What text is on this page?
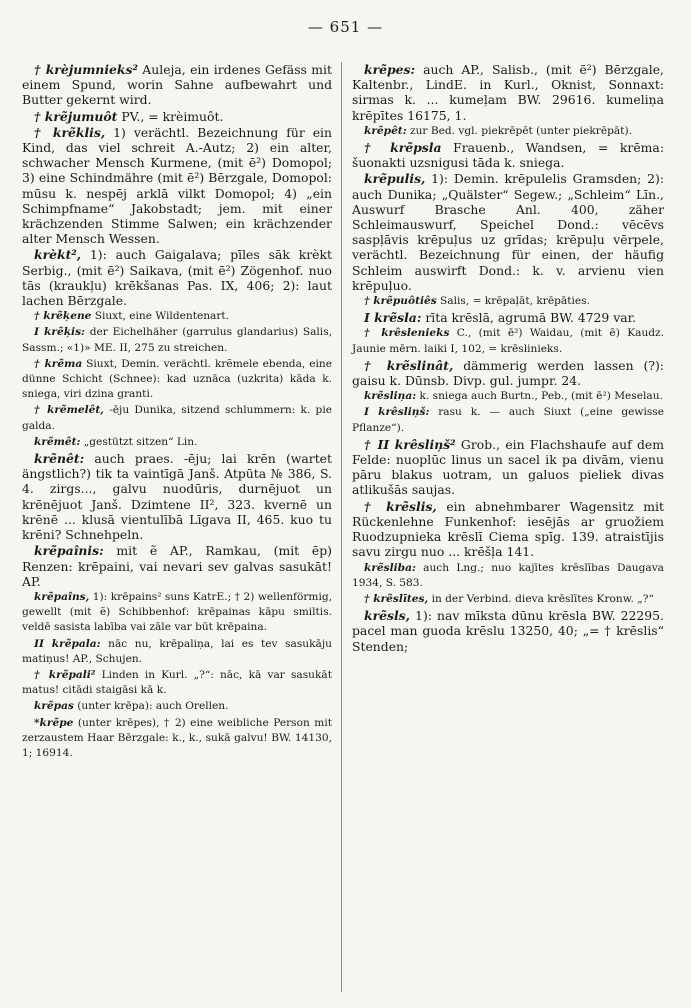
— 651 —

† krèjumnieks² Auleja, ein irdenes Gefäss mit einem Spund, worin Sahne aufbewahrt und Butter gekernt wird.

† krẽjumuôt PV., = krèimuôt.

† krẽklis, 1) verächtl. Bezeichnung für ein Kind, das viel schreit A.-Autz; 2) ein alter, schwacher Mensch Kurmene, (mit ē²) Domopol; 3) eine Schindmähre (mit ē²) Bērzgale, Domopol: mūsu k. nespēj arklā vilkt Domopol; 4) „ein Schimpfname“ Jakobstadt; jem. mit einer krächzenden Stimme Salwen; ein krächzender alter Mensch Wessen.

krèkt², 1): auch Gaigalava; pīles sāk krèkt Serbig., (mit ē²) Saikava, (mit ē²) Zögenhof. nuo tās (kraukļu) krēkšanas Pas. IX, 406; 2): laut lachen Bērzgale.

† krẽķene Siuxt, eine Wildentenart.

I krẽķis: der Eichelhäher (garrulus glandarius) Salis, Sassm.; «1)» ME. II, 275 zu streichen.

† krẽma Siuxt, Demin. verächtl. krẽmele ebenda, eine dünne Schicht (Schnee): kad uznāca (uzkrita) kāda k. sniega, viri dzina granti.

† krẽmelêt, -ēju Dunika, sitzend schlummern: k. pie galda.

krẽmêt: „gestützt sitzen“ Lin.

krẽnêt: auch praes. -ēju; lai krēn (wartet ängstlich?) tik ta vaintīgā Janš. Atpūta № 386, S. 4. zirgs..., galvu nuodūris, durnējuot un krēnējuot Janš. Dzimtene II², 323. kvernē un krēnē ... klusā vientulībā Līgava II, 465. kuo tu krēni? Schnehpeln.

krẽpaînis: mit ẽ AP., Ramkau, (mit ēp) Renzen: krēpaini, vai nevari sev galvas sasukāt! AP.

krẽpaîns, 1): krēpains² suns KatrE.; † 2) wellenförmig, gewellt (mit ẽ) Schibbenhof: krēpainas kāpu smiltis. veldē sasista labība vai zāle var būt krēpaina.

II krẽpala: nāc nu, krēpaliņa, lai es tev sasukāju matiņus! AP., Schujen.

† krẽpali² Linden in Kurl. „?“: nāc, kā var sasukāt matus! citādi staigāsi kā k.

krẽpas (unter krēpa): auch Orellen.

*krẽpe (unter krēpes), † 2) eine weibliche Person mit zerzaustem Haar Bērzgale: k., k., sukā galvu! BW. 14130, 1; 16914.

krẽpes: auch AP., Salisb., (mit ē²) Bērzgale, Kaltenbr., LindE. in Kurl., Oknist, Sonnaxt: sirmas k. ... kumeļam BW. 29616. kumeliņa krēpītes 16175, 1.

krẽpêt: zur Bed. vgl. piekrēpēt (unter piekrēpāt).

† krẽpsla Frauenb., Wandsen, = krēma: šuonakti uzsnigusi tāda k. sniega.

krẽpulis, 1): Demin. krēpulelis Gramsden; 2): auch Dunika; „Quälster“ Segew.; „Schleim“ Līn., Auswurf Brasche Anl. 400, zäher Schleimauswurf, Speichel Dond.: vēcēvs saspļāvis krēpuļus uz grīdas; krēpuļu vērpele, verächtl. Bezeichnung für einen, der häufig Schleim auswirft Dond.: k. v. arvienu vien krēpuļuo.

† krẽpuôtiês Salis, = krēpaļāt, krēpāties.

I krẽsla: rīta krēslā, agrumā BW. 4729 var.

† krêslenieks C., (mit ē²) Waidau, (mit ē) Kaudz. Jaunie mērn. laiki I, 102, = krēslinieks.

† krẽslinât, dämmerig werden lassen (?): gaisu k. Dūnsb. Divp. gul. jumpr. 24.

krẽsliņa: k. sniega auch Burtn., Peb., (mit ē²) Meselau.

I krêsliņš: rasu k. — auch Siuxt („eine gewisse Pflanze“).

† II krêsliņš² Grob., ein Flachshaufe auf dem Felde: nuoplūc linus un sacel ik pa divām, vienu pāru blakus uotram, un galuos pieliek divas atlikušās saujas.

† krẽslis, ein abnehmbarer Wagensitz mit Rückenlehne Funkenhof: iesējās ar gruožiem Ruodzupnieka krēslī Ciema spīg. 139. atraistījis savu zirgu nuo ... krēšļa 141.

krẽsliba: auch Lng.; nuo kajītes krēslības Daugava 1934, S. 583.

† krẽslītes, in der Verbind. dieva krēslītes Kronw. „?“

krẽsls, 1): nav mīksta dūnu krēsla BW. 22295. pacel man guoda krēslu 13250, 40; „= † krēslis“ Stenden;
